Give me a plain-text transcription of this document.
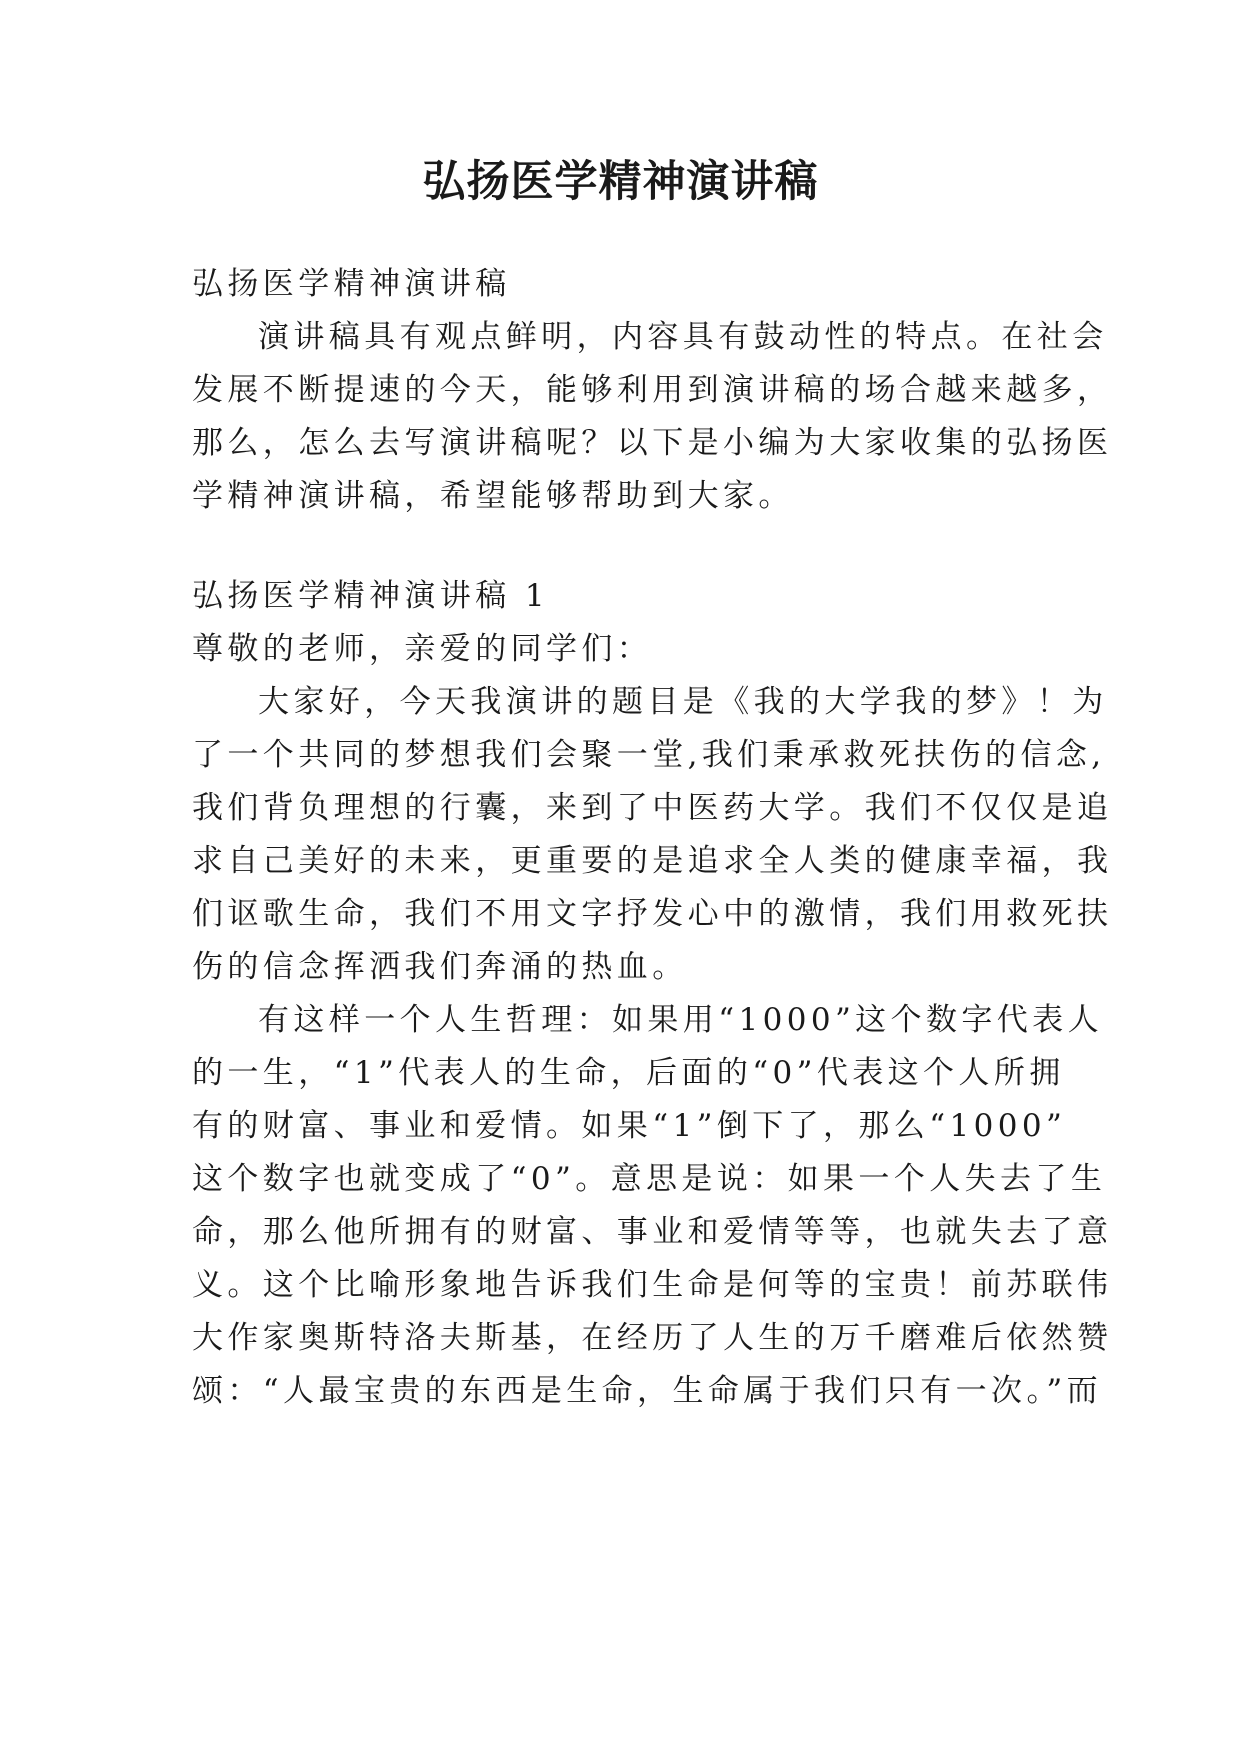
弘扬医学精神演讲稿
弘扬医学精神演讲稿
演讲稿具有观点鲜明，内容具有鼓动性的特点。在社会
发展不断提速的今天，能够利用到演讲稿的场合越来越多，
那么，怎么去写演讲稿呢？以下是小编为大家收集的弘扬医
学精神演讲稿，希望能够帮助到大家。
弘扬医学精神演讲稿 1
尊敬的老师，亲爱的同学们：
大家好，今天我演讲的题目是《我的大学我的梦》！为
了一个共同的梦想我们会聚一堂,我们秉承救死扶伤的信念,
我们背负理想的行囊，来到了中医药大学。我们不仅仅是追
求自己美好的未来，更重要的是追求全人类的健康幸福，我
们讴歌生命，我们不用文字抒发心中的激情，我们用救死扶
伤的信念挥洒我们奔涌的热血。
有这样一个人生哲理：如果用“1000”这个数字代表人
的一生，“1”代表人的生命，后面的“0”代表这个人所拥
有的财富、事业和爱情。如果“1”倒下了，那么“1000”
这个数字也就变成了“0”。意思是说：如果一个人失去了生
命，那么他所拥有的财富、事业和爱情等等，也就失去了意
义。这个比喻形象地告诉我们生命是何等的宝贵！前苏联伟
大作家奥斯特洛夫斯基，在经历了人生的万千磨难后依然赞
颂：“人最宝贵的东西是生命，生命属于我们只有一次。”而
